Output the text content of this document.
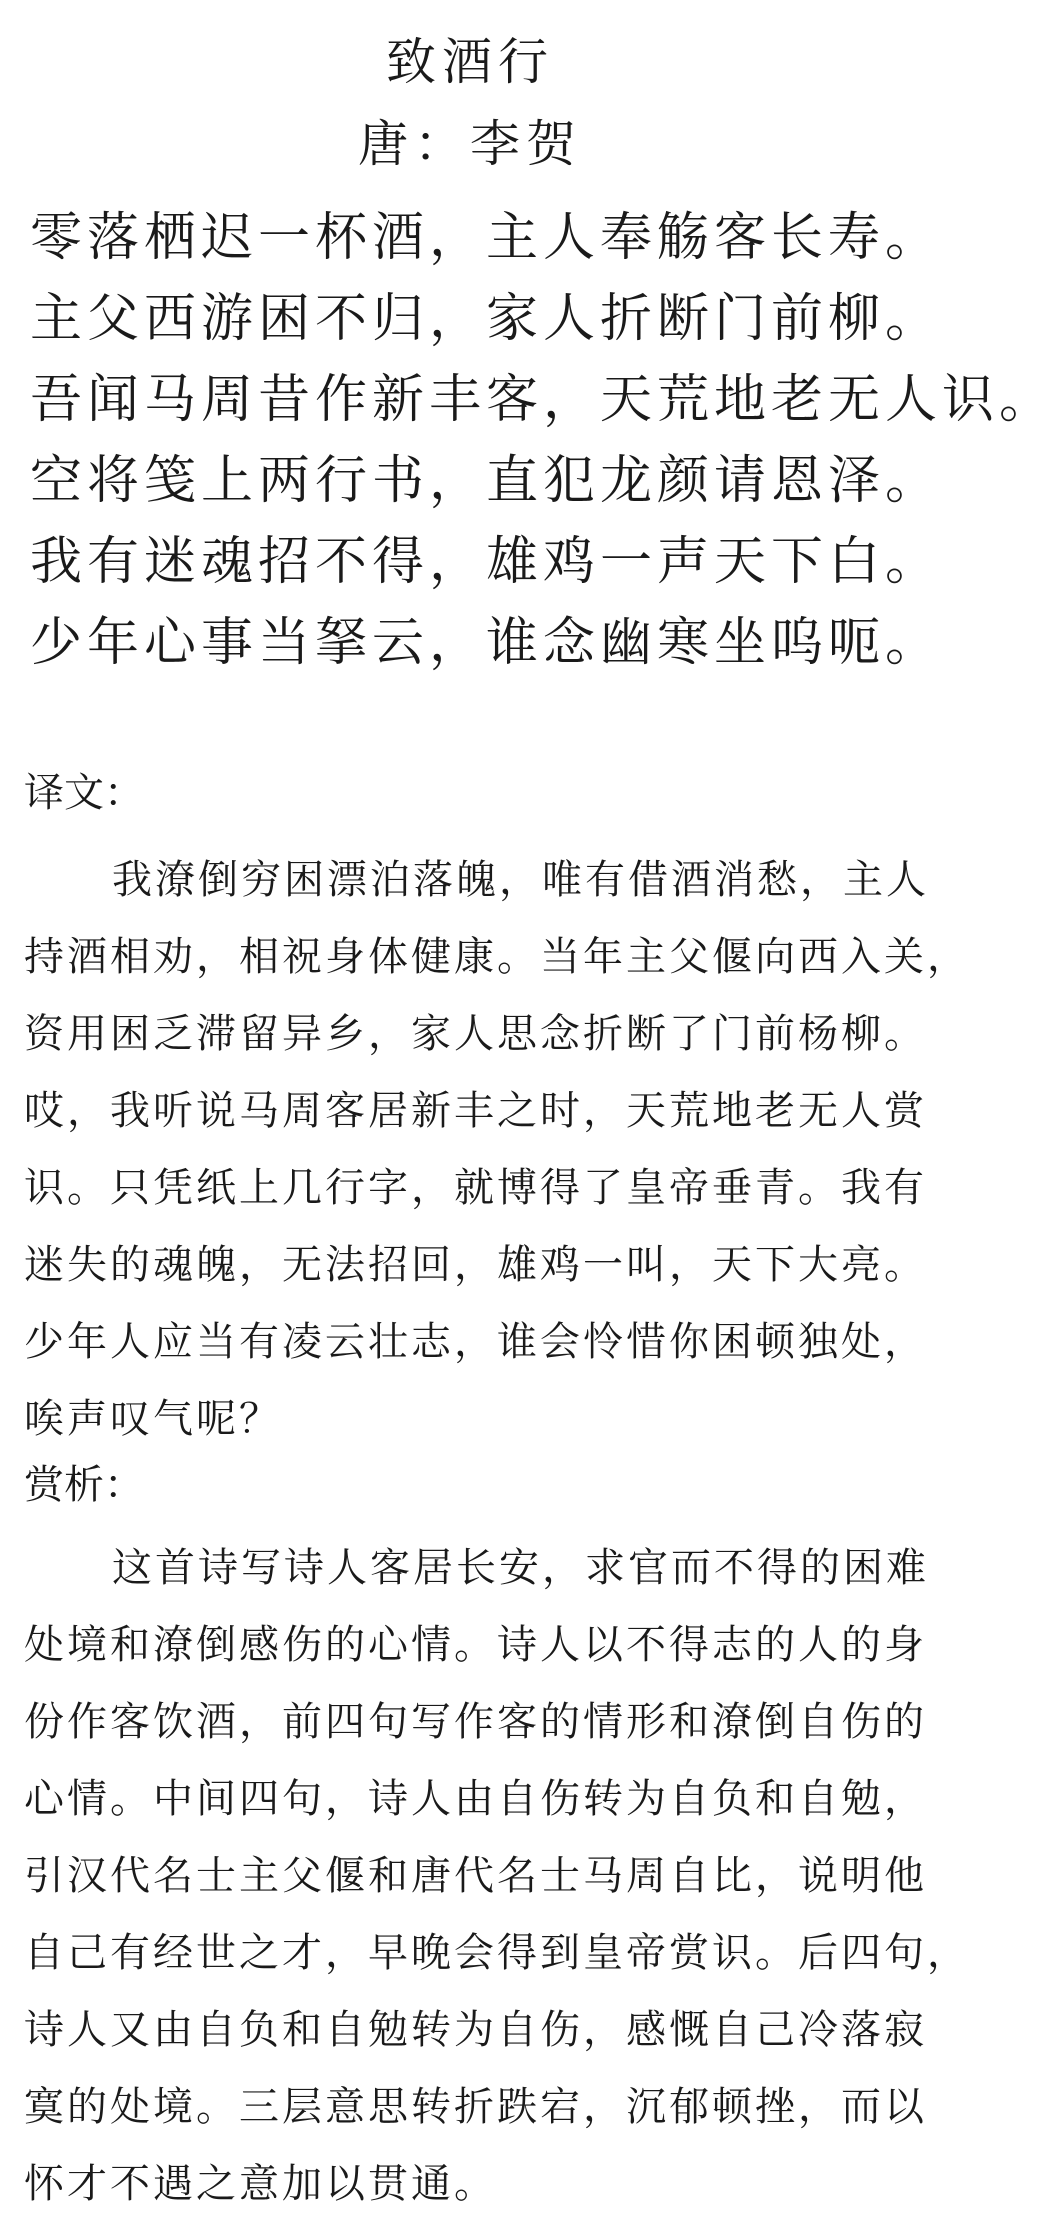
致酒行
唐：李贺
零落栖迟一杯酒，主人奉觞客长寿。
主父西游困不归，家人折断门前柳。
吾闻马周昔作新丰客，天荒地老无人识。
空将笺上两行书，直犯龙颜请恩泽。
我有迷魂招不得，雄鸡一声天下白。
少年心事当拏云，谁念幽寒坐呜呃。
译文：
我潦倒穷困漂泊落魄，唯有借酒消愁，主人
持酒相劝，相祝身体健康。当年主父偃向西入关，
资用困乏滞留异乡，家人思念折断了门前杨柳。
哎，我听说马周客居新丰之时，天荒地老无人赏
识。只凭纸上几行字，就博得了皇帝垂青。我有
迷失的魂魄，无法招回，雄鸡一叫，天下大亮。
少年人应当有凌云壮志，谁会怜惜你困顿独处，
唉声叹气呢？
赏析：
这首诗写诗人客居长安，求官而不得的困难
处境和潦倒感伤的心情。诗人以不得志的人的身
份作客饮酒，前四句写作客的情形和潦倒自伤的
心情。中间四句，诗人由自伤转为自负和自勉，
引汉代名士主父偃和唐代名士马周自比，说明他
自己有经世之才，早晚会得到皇帝赏识。后四句，
诗人又由自负和自勉转为自伤，感慨自己冷落寂
寞的处境。三层意思转折跌宕，沉郁顿挫，而以
怀才不遇之意加以贯通。
